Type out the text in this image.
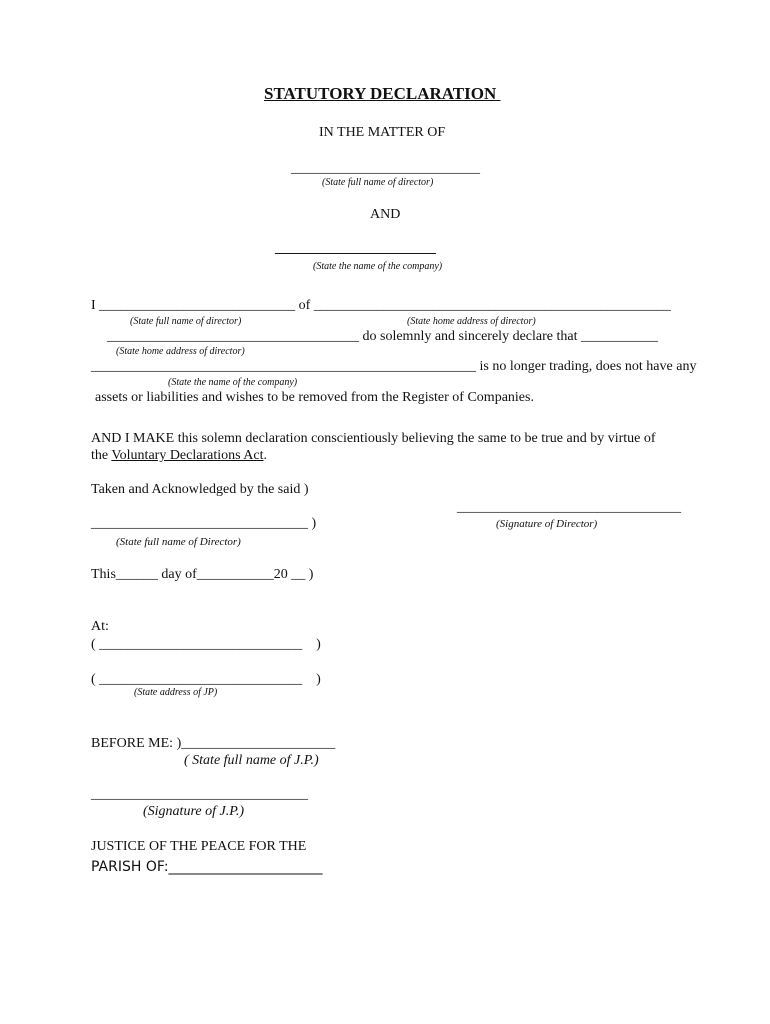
STATUTORY DECLARATION
IN THE MATTER OF
___________________________
(State full name of director)
AND
_______________________
(State the name of the company)
I ____________________________ of ___________________________________________________
(State full name of director)	(State home address of director)
____________________________________ do solemnly and sincerely declare that ___________
(State home address of director)
_______________________________________________________ is no longer trading, does not have any
(State the name of the company)
assets or liabilities and wishes to be removed from the Register of Companies.
AND I MAKE this solemn declaration conscientiously believing the same to be true and by virtue of
the Voluntary Declarations Act.
Taken and Acknowledged by the said )
________________________________
_______________________________ )	(Signature of Director)
(State full name of Director)
This______ day of___________20 __ )
At:
( _____________________________    )
( _____________________________    )
(State address of JP)
BEFORE ME: )______________________
( State full name of J.P.)
_______________________________
(Signature of J.P.)
JUSTICE OF THE PEACE FOR THE
PARISH OF:______________________
